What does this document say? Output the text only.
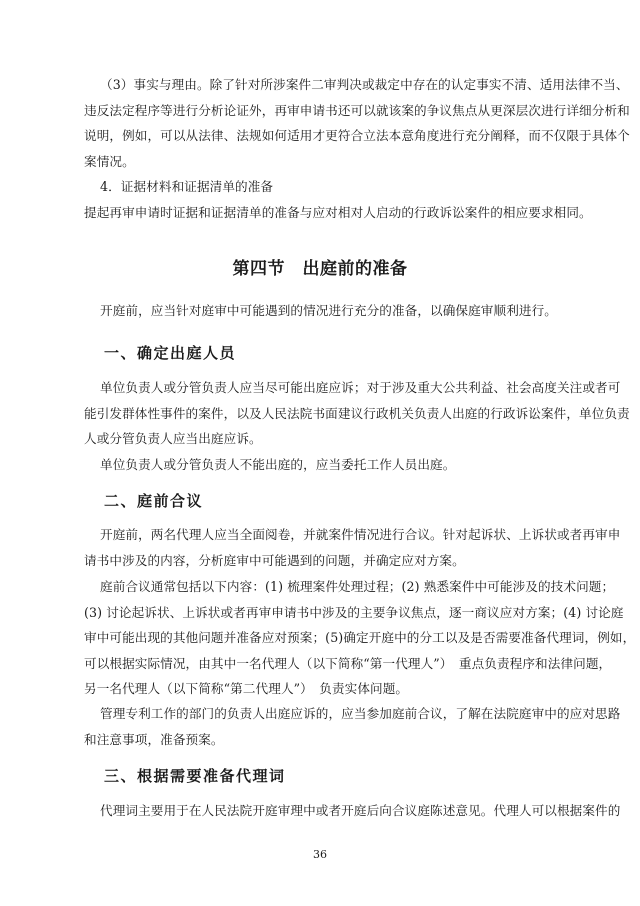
（3）事实与理由。除了针对所涉案件二审判决或裁定中存在的认定事实不清、适用法律不当、
违反法定程序等进行分析论证外，再审申请书还可以就该案的争议焦点从更深层次进行详细分析和
说明，例如，可以从法律、法规如何适用才更符合立法本意角度进行充分阐释，而不仅限于具体个
案情况。
4．证据材料和证据清单的准备
提起再审申请时证据和证据清单的准备与应对相对人启动的行政诉讼案件的相应要求相同。
第四节　出庭前的准备
开庭前，应当针对庭审中可能遇到的情况进行充分的准备，以确保庭审顺利进行。
一、确定出庭人员
单位负责人或分管负责人应当尽可能出庭应诉；对于涉及重大公共利益、社会高度关注或者可
能引发群体性事件的案件，以及人民法院书面建议行政机关负责人出庭的行政诉讼案件，单位负责
人或分管负责人应当出庭应诉。
单位负责人或分管负责人不能出庭的，应当委托工作人员出庭。
二、庭前合议
开庭前，两名代理人应当全面阅卷，并就案件情况进行合议。针对起诉状、上诉状或者再审申
请书中涉及的内容，分析庭审中可能遇到的问题，并确定应对方案。
庭前合议通常包括以下内容：(1) 梳理案件处理过程；(2) 熟悉案件中可能涉及的技术问题；
(3) 讨论起诉状、上诉状或者再审申请书中涉及的主要争议焦点，逐一商议应对方案；(4) 讨论庭
审中可能出现的其他问题并准备应对预案；(5)确定开庭中的分工以及是否需要准备代理词，例如，
可以根据实际情况，由其中一名代理人（以下简称“第一代理人”）　重点负责程序和法律问题，
另一名代理人（以下简称“第二代理人”）　负责实体问题。
管理专利工作的部门的负责人出庭应诉的，应当参加庭前合议，了解在法院庭审中的应对思路
和注意事项，准备预案。
三、根据需要准备代理词
代理词主要用于在人民法院开庭审理中或者开庭后向合议庭陈述意见。代理人可以根据案件的

36
